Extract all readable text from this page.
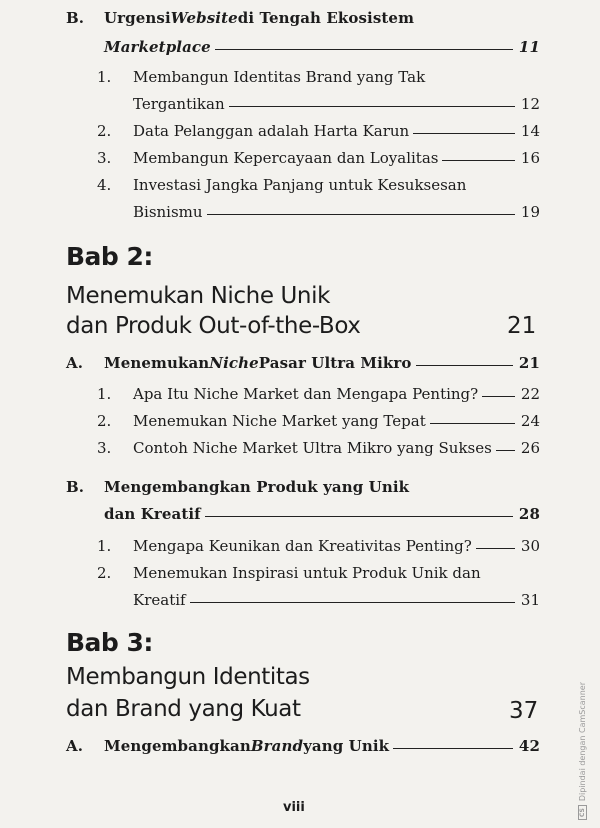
B.	Urgensi Website di Tengah Ekosistem
Marketplace	11
1.	Membangun Identitas Brand yang Tak
Tergantikan	12
2.	Data Pelanggan adalah Harta Karun	14
3.	Membangun Kepercayaan dan Loyalitas	16
4.	Investasi Jangka Panjang untuk Kesuksesan
Bisnismu	19
Bab 2:
Menemukan Niche Unik
dan Produk Out-of-the-Box	21
A.	Menemukan Niche Pasar Ultra Mikro	21
1.	Apa Itu Niche Market dan Mengapa Penting?	22
2.	Menemukan Niche Market yang Tepat	24
3.	Contoh Niche Market Ultra Mikro yang Sukses 26
B.	Mengembangkan Produk yang Unik
dan Kreatif	28
1.	Mengapa Keunikan dan Kreativitas Penting?	30
2.	Menemukan Inspirasi untuk Produk Unik dan
Kreatif	31
Bab 3:
Membangun Identitas
dan Brand yang Kuat	37
A.	Mengembangkan Brand yang Unik	42
viii	CS
Dipindai dengan CamScanner
